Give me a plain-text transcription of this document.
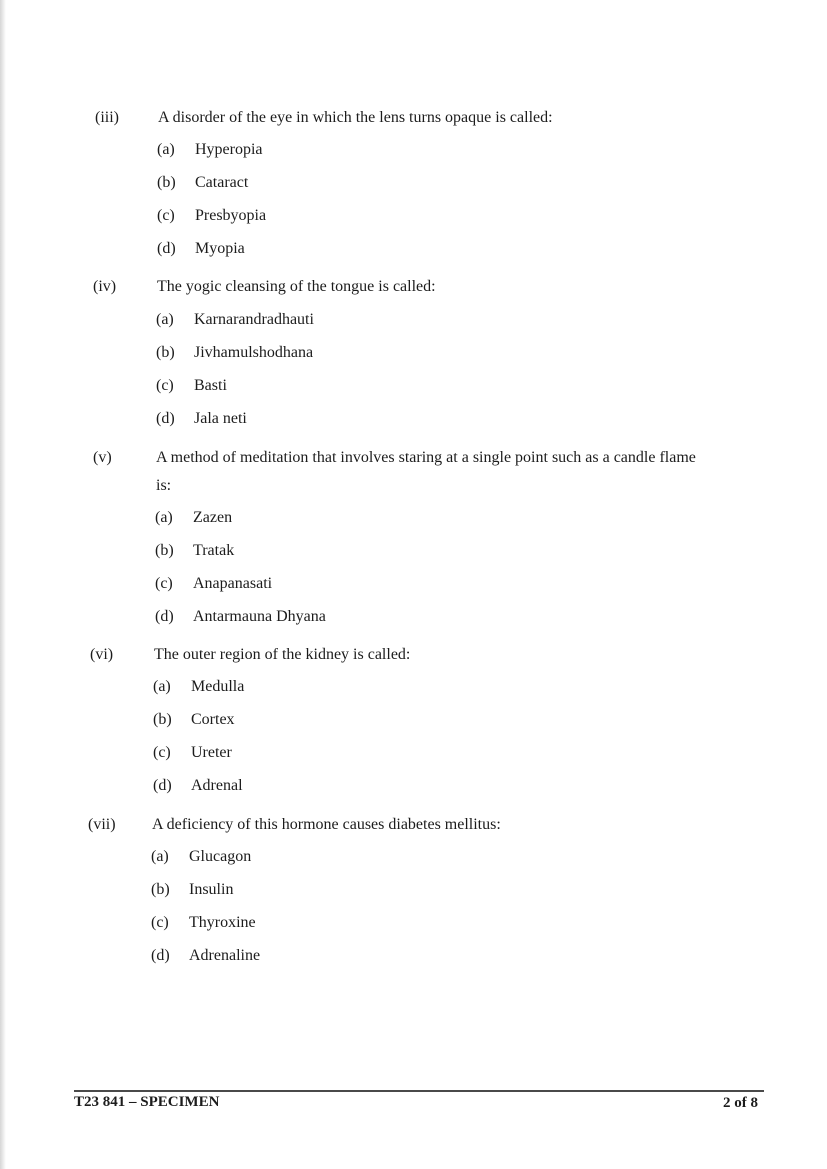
(iii) A disorder of the eye in which the lens turns opaque is called:
(a) Hyperopia
(b) Cataract
(c) Presbyopia
(d) Myopia
(iv)	The yogic cleansing of the tongue is called:
(a) Karnarandradhauti
(b) Jivhamulshodhana
(c) Basti
(d) Jala neti
(v)	A method of meditation that involves staring at a single point such as a candle flame is:
(a) Zazen
(b) Tratak
(c) Anapanasati
(d) Antarmauna Dhyana
(vi)	The outer region of the kidney is called:
(a) Medulla
(b) Cortex
(c) Ureter
(d) Adrenal
(vii) A deficiency of this hormone causes diabetes mellitus:
(a) Glucagon
(b) Insulin
(c) Thyroxine
(d) Adrenaline
T23 841 – SPECIMEN	2 of 8
